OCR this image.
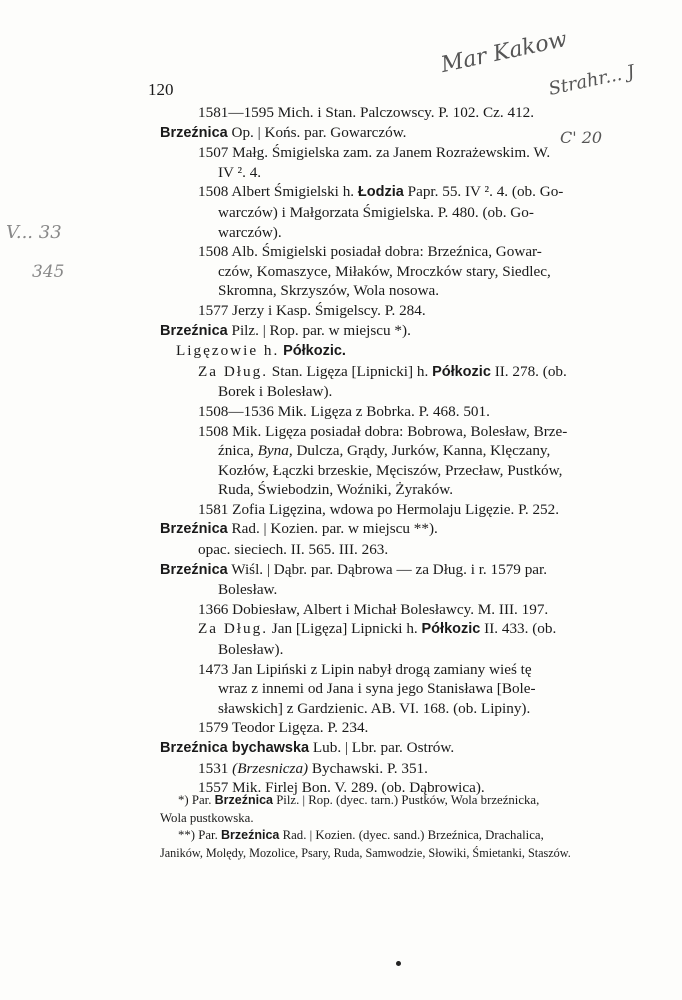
120
Mar Kakow
Strahr... J
C' 20
V... 33
345
1581—1595 Mich. i Stan. Palczowscy. P. 102. Cz. 412.
Brzeźnica Op. | Końs. par. Gowarczów.
1507 Małg. Śmigielska zam. za Janem Rozrażewskim. W.
IV ². 4.
1508 Albert Śmigielski h. Łodzia Papr. 55. IV ². 4. (ob. Go-
warczów) i Małgorzata Śmigielska. P. 480. (ob. Go-
warczów).
1508 Alb. Śmigielski posiadał dobra: Brzeźnica, Gowar-
czów, Komaszyce, Miłaków, Mroczków stary, Siedlec,
Skromna, Skrzyszów, Wola nosowa.
1577 Jerzy i Kasp. Śmigelscy. P. 284.
Brzeźnica Pilz. | Rop. par. w miejscu *).
Ligęzowie h. Półkozic.
Za Dług. Stan. Ligęza [Lipnicki] h. Półkozic II. 278. (ob.
Borek i Bolesław).
1508—1536 Mik. Ligęza z Bobrka. P. 468. 501.
1508 Mik. Ligęza posiadał dobra: Bobrowa, Bolesław, Brze-
źnica, Byna, Dulcza, Grądy, Jurków, Kanna, Klęczany,
Kozłów, Łączki brzeskie, Męciszów, Przecław, Pustków,
Ruda, Świebodzin, Woźniki, Żyraków.
1581 Zofia Ligęzina, wdowa po Hermolaju Ligęzie. P. 252.
Brzeźnica Rad. | Kozien. par. w miejscu **).
opac. sieciech. II. 565. III. 263.
Brzeźnica Wiśl. | Dąbr. par. Dąbrowa — za Dług. i r. 1579 par.
Bolesław.
1366 Dobiesław, Albert i Michał Bolesławcy. M. III. 197.
Za Dług. Jan [Ligęza] Lipnicki h. Półkozic II. 433. (ob.
Bolesław).
1473 Jan Lipiński z Lipin nabył drogą zamiany wieś tę
wraz z innemi od Jana i syna jego Stanisława [Bole-
sławskich] z Gardzienic. AB. VI. 168. (ob. Lipiny).
1579 Teodor Ligęza. P. 234.
Brzeźnica bychawska Lub. | Lbr. par. Ostrów.
1531 (Brzesnicza) Bychawski. P. 351.
1557 Mik. Firlej Bon. V. 289. (ob. Dąbrowica).
*) Par. Brzeźnica Pilz. | Rop. (dyec. tarn.) Pustków, Wola brzeźnicka,
Wola pustkowska.
**) Par. Brzeźnica Rad. | Kozien. (dyec. sand.) Brzeźnica, Drachalica,
Janików, Molędy, Mozolice, Psary, Ruda, Samwodzie, Słowiki, Śmietanki, Staszów.
